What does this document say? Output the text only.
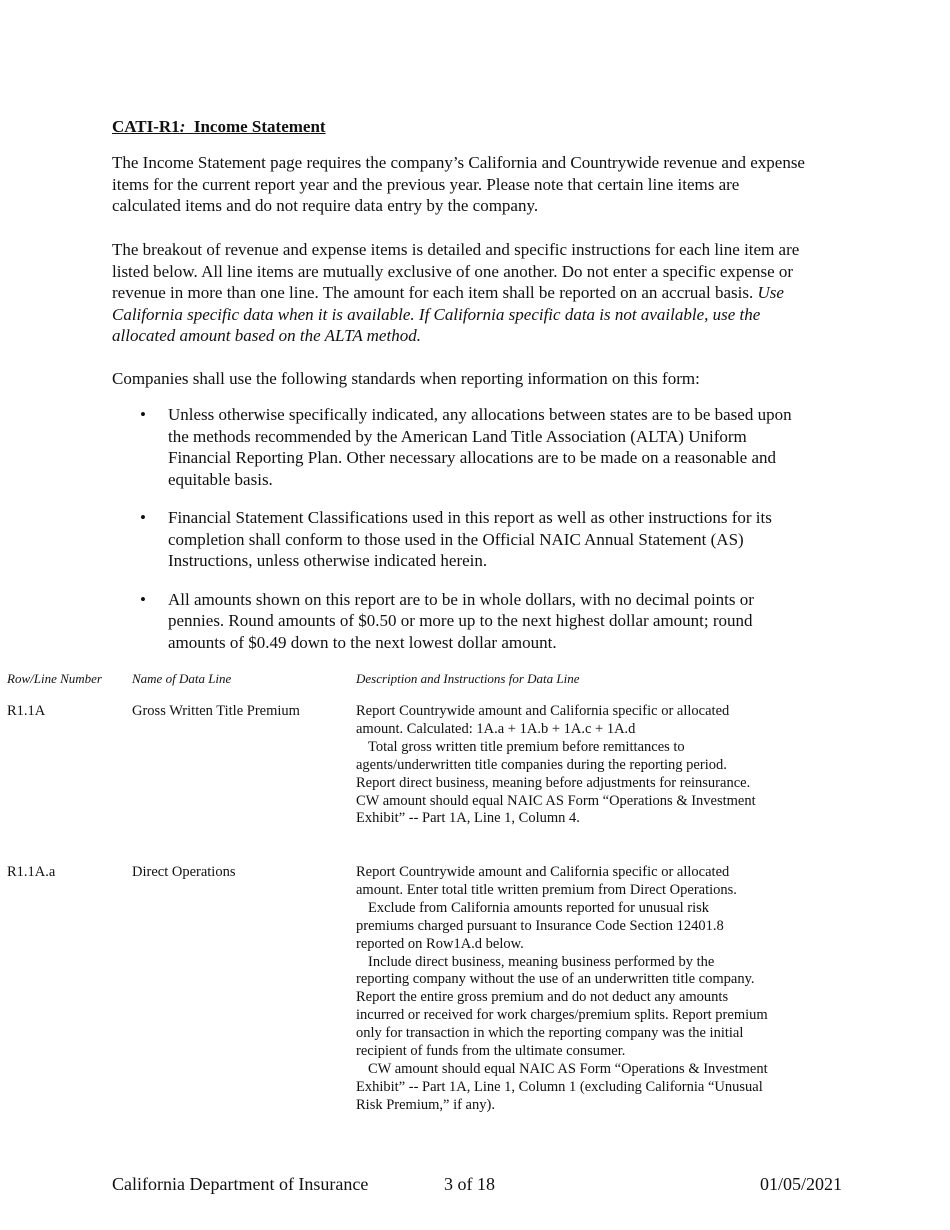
CATI-R1: Income Statement

The Income Statement page requires the company’s California and Countrywide revenue and expense items for the current report year and the previous year. Please note that certain line items are calculated items and do not require data entry by the company.

The breakout of revenue and expense items is detailed and specific instructions for each line item are listed below. All line items are mutually exclusive of one another. Do not enter a specific expense or revenue in more than one line. The amount for each item shall be reported on an accrual basis. Use California specific data when it is available. If California specific data is not available, use the allocated amount based on the ALTA method.

Companies shall use the following standards when reporting information on this form:

• Unless otherwise specifically indicated, any allocations between states are to be based upon the methods recommended by the American Land Title Association (ALTA) Uniform Financial Reporting Plan. Other necessary allocations are to be made on a reasonable and equitable basis.
• Financial Statement Classifications used in this report as well as other instructions for its completion shall conform to those used in the Official NAIC Annual Statement (AS) Instructions, unless otherwise indicated herein.
• All amounts shown on this report are to be in whole dollars, with no decimal points or pennies. Round amounts of $0.50 or more up to the next highest dollar amount; round amounts of $0.49 down to the next lowest dollar amount.
Row/Line Number Name of Data Line	Description and Instructions for Data Line
R1.1A	Gross Written Title Premium	Report Countrywide amount and California specific or allocated amount. Calculated: 1A.a + 1A.b + 1A.c + 1A.d

Total gross written title premium before remittances to agents/underwritten title companies during the reporting period. Report direct business, meaning before adjustments for reinsurance.

CW amount should equal NAIC AS Form “Operations & Investment Exhibit” -- Part 1A, Line 1, Column 4.

R1.1A.a	Direct Operations	Report Countrywide amount and California specific or allocated amount. Enter total title written premium from Direct Operations.

Exclude from California amounts reported for unusual risk premiums charged pursuant to Insurance Code Section 12401.8 reported on Row1A.d below.

Include direct business, meaning business performed by the reporting company without the use of an underwritten title company. Report the entire gross premium and do not deduct any amounts incurred or received for work charges/premium splits. Report premium only for transaction in which the reporting company was the initial recipient of funds from the ultimate consumer.

CW amount should equal NAIC AS Form “Operations & Investment Exhibit” -- Part 1A, Line 1, Column 1 (excluding California “Unusual Risk Premium,” if any).

California Department of Insurance	3 of 18	01/05/2021
